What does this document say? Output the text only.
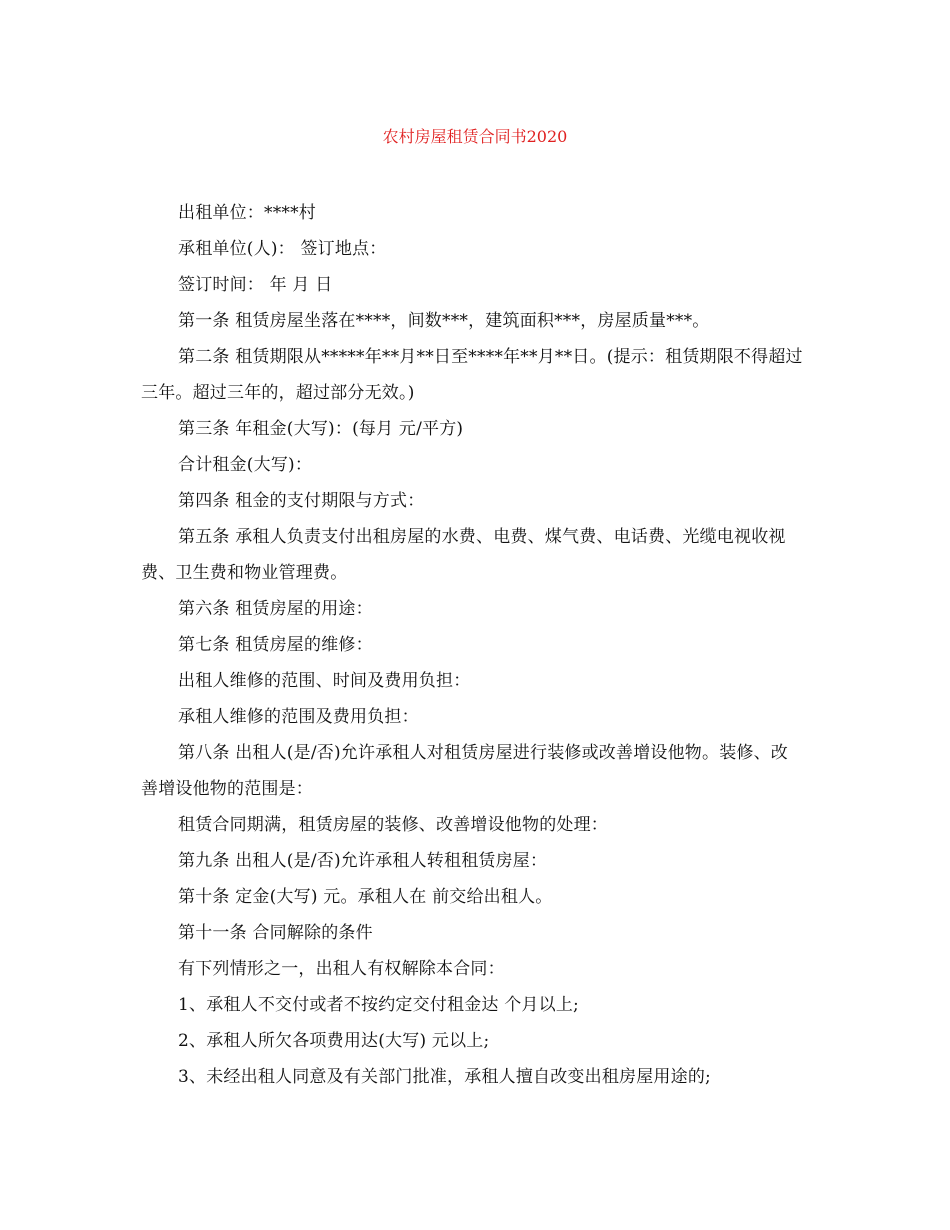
农村房屋租赁合同书2020

出租单位：****村

承租单位(人)： 签订地点：

签订时间： 年 月 日

第一条 租赁房屋坐落在****，间数***，建筑面积***，房屋质量***。

第二条 租赁期限从*****年**月**日至****年**月**日。(提示：租赁期限不得超过三年。超过三年的，超过部分无效。)

第三条 年租金(大写)：(每月 元/平方)

合计租金(大写)：

第四条 租金的支付期限与方式：

第五条 承租人负责支付出租房屋的水费、电费、煤气费、电话费、光缆电视收视费、卫生费和物业管理费。

第六条 租赁房屋的用途：

第七条 租赁房屋的维修：

出租人维修的范围、时间及费用负担：

承租人维修的范围及费用负担：

第八条 出租人(是/否)允许承租人对租赁房屋进行装修或改善增设他物。装修、改善增设他物的范围是：

租赁合同期满，租赁房屋的装修、改善增设他物的处理：

第九条 出租人(是/否)允许承租人转租租赁房屋：

第十条 定金(大写) 元。承租人在 前交给出租人。

第十一条 合同解除的条件

有下列情形之一，出租人有权解除本合同：

1、承租人不交付或者不按约定交付租金达 个月以上;

2、承租人所欠各项费用达(大写) 元以上;

3、未经出租人同意及有关部门批准，承租人擅自改变出租房屋用途的;
